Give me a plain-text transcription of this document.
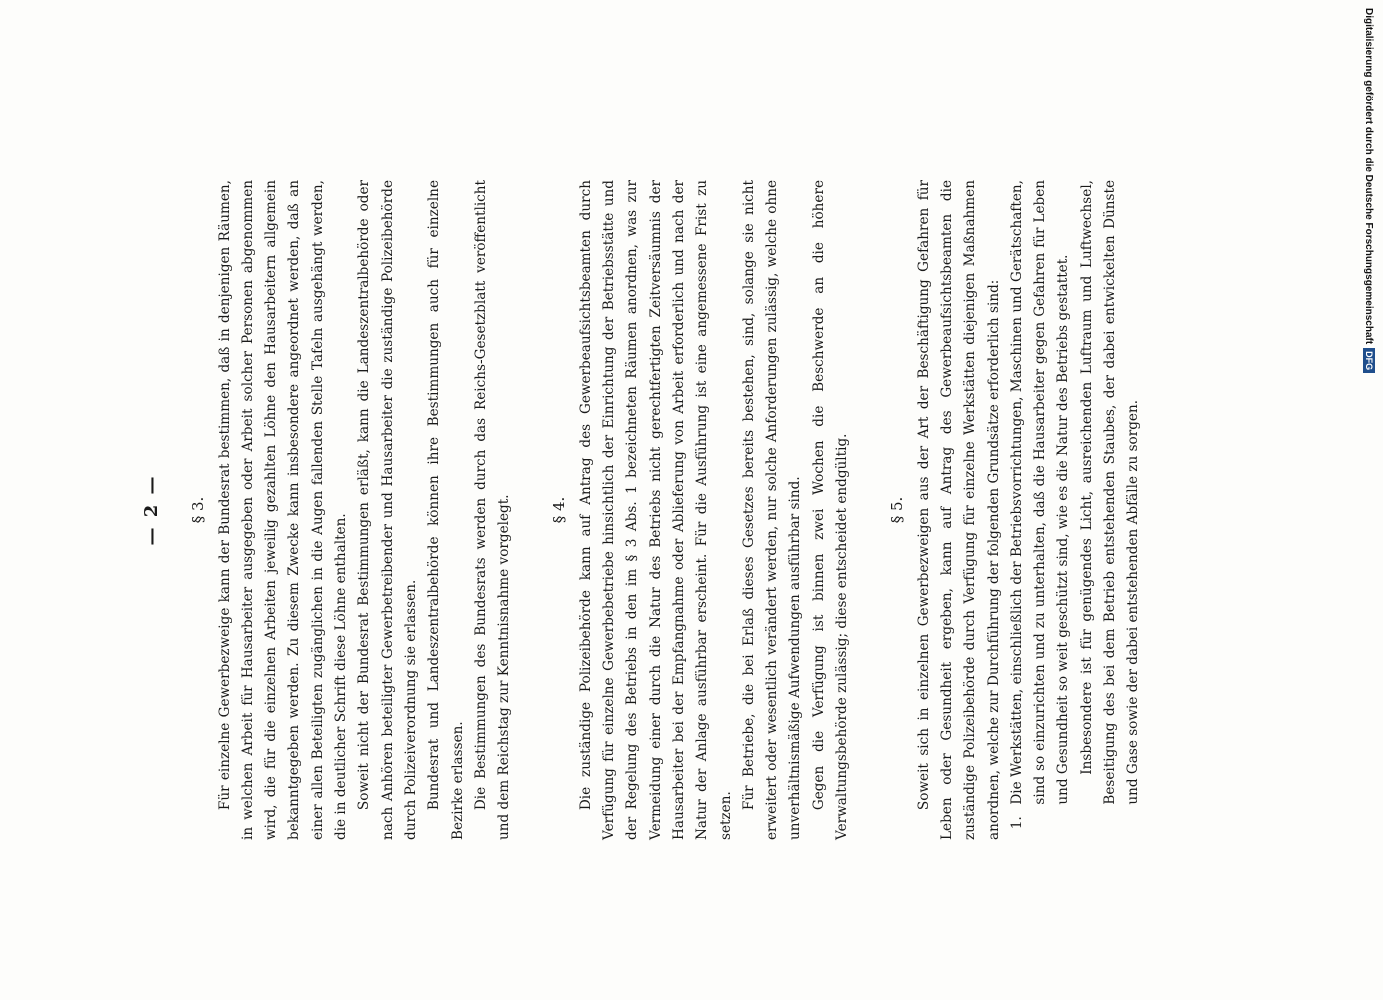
— 2 — § 3. Für einzelne Gewerbezweige kann der Bundesrat bestimmen, daß in denjenigen Räumen, in welchen Arbeit für Hausarbeiter ausgegeben oder Arbeit solcher Personen abgenommen wird, die für die einzelnen Arbeiten jeweilig gezahlten Löhne den Hausarbeitern allgemein bekanntgegeben werden. Zu diesem Zwecke kann insbesondere angeordnet werden, daß an einer allen Beteiligten zugänglichen in die Augen fallenden Stelle Tafeln ausgehängt werden, die in deutlicher Schrift diese Löhne enthalten. Soweit nicht der Bundesrat Bestimmungen erläßt, kann die Landeszentralbehörde oder nach Anhören beteiligter Gewerbetreibender und Hausarbeiter die zuständige Polizeibehörde durch Polizeiverordnung sie erlassen. Bundesrat und Landeszentralbehörde können ihre Bestimmungen auch für einzelne Bezirke erlassen. Die Bestimmungen des Bundesrats werden durch das Reichs-Gesetzblatt veröffentlicht und dem Reichstag zur Kenntnisnahme vorgelegt.	§ 4. Die zuständige Polizeibehörde kann auf Antrag des Gewerbeaufsichtsbeamten durch Verfügung für einzelne Gewerbebetriebe hinsichtlich der Einrichtung der Betriebsstätte und der Regelung des Betriebs in den im § 3 Abs. 1 bezeichneten Räumen anordnen, was zur Vermeidung einer durch die Natur des Betriebs nicht gerechtfertigten Zeitversäumnis der Hausarbeiter bei der Empfangnahme oder Ablieferung von Arbeit erforderlich und nach der Natur der Anlage ausführbar erscheint. Für die Ausführung ist eine angemessene Frist zu setzen.

Für Betriebe, die bei Erlaß dieses Gesetzes bereits bestehen, sind, solange sie nicht erweitert oder wesentlich verändert werden, nur solche Anforderungen zulässig, welche ohne unverhältnismäßige Aufwendungen ausführbar sind. Gegen die Verfügung ist binnen zwei Wochen die Beschwerde an die höhere Verwaltungsbehörde zulässig; diese entscheidet endgültig.	§ 5. Soweit sich in einzelnen Gewerbezweigen aus der Art der Beschäftigung Gefahren für Leben oder Gesundheit ergeben, kann auf Antrag des Gewerbeaufsichtsbeamten die zuständige Polizeibehörde durch Verfügung für einzelne Werkstätten diejenigen Maßnahmen anordnen, welche zur Durchführung der folgenden Grundsätze erforderlich sind: 1.
Die Werkstätten, einschließlich der Betriebsvorrichtungen, Maschinen und Gerätschaften, sind so einzurichten und zu unterhalten, daß die Hausarbeiter gegen Gefahren für Leben und Gesundheit so weit geschützt sind, wie es die Natur des Betriebs gestattet. Insbesondere ist für genügendes Licht, ausreichenden Luftraum und Luftwechsel, Beseitigung des bei dem Betrieb entstehenden Staubes, der dabei entwickelten Dünste und Gase sowie der dabei entstehenden Abfälle zu sorgen.

Digitalisierung gefördert durch die Deutsche Forschungsgemeinschaft
DFG
